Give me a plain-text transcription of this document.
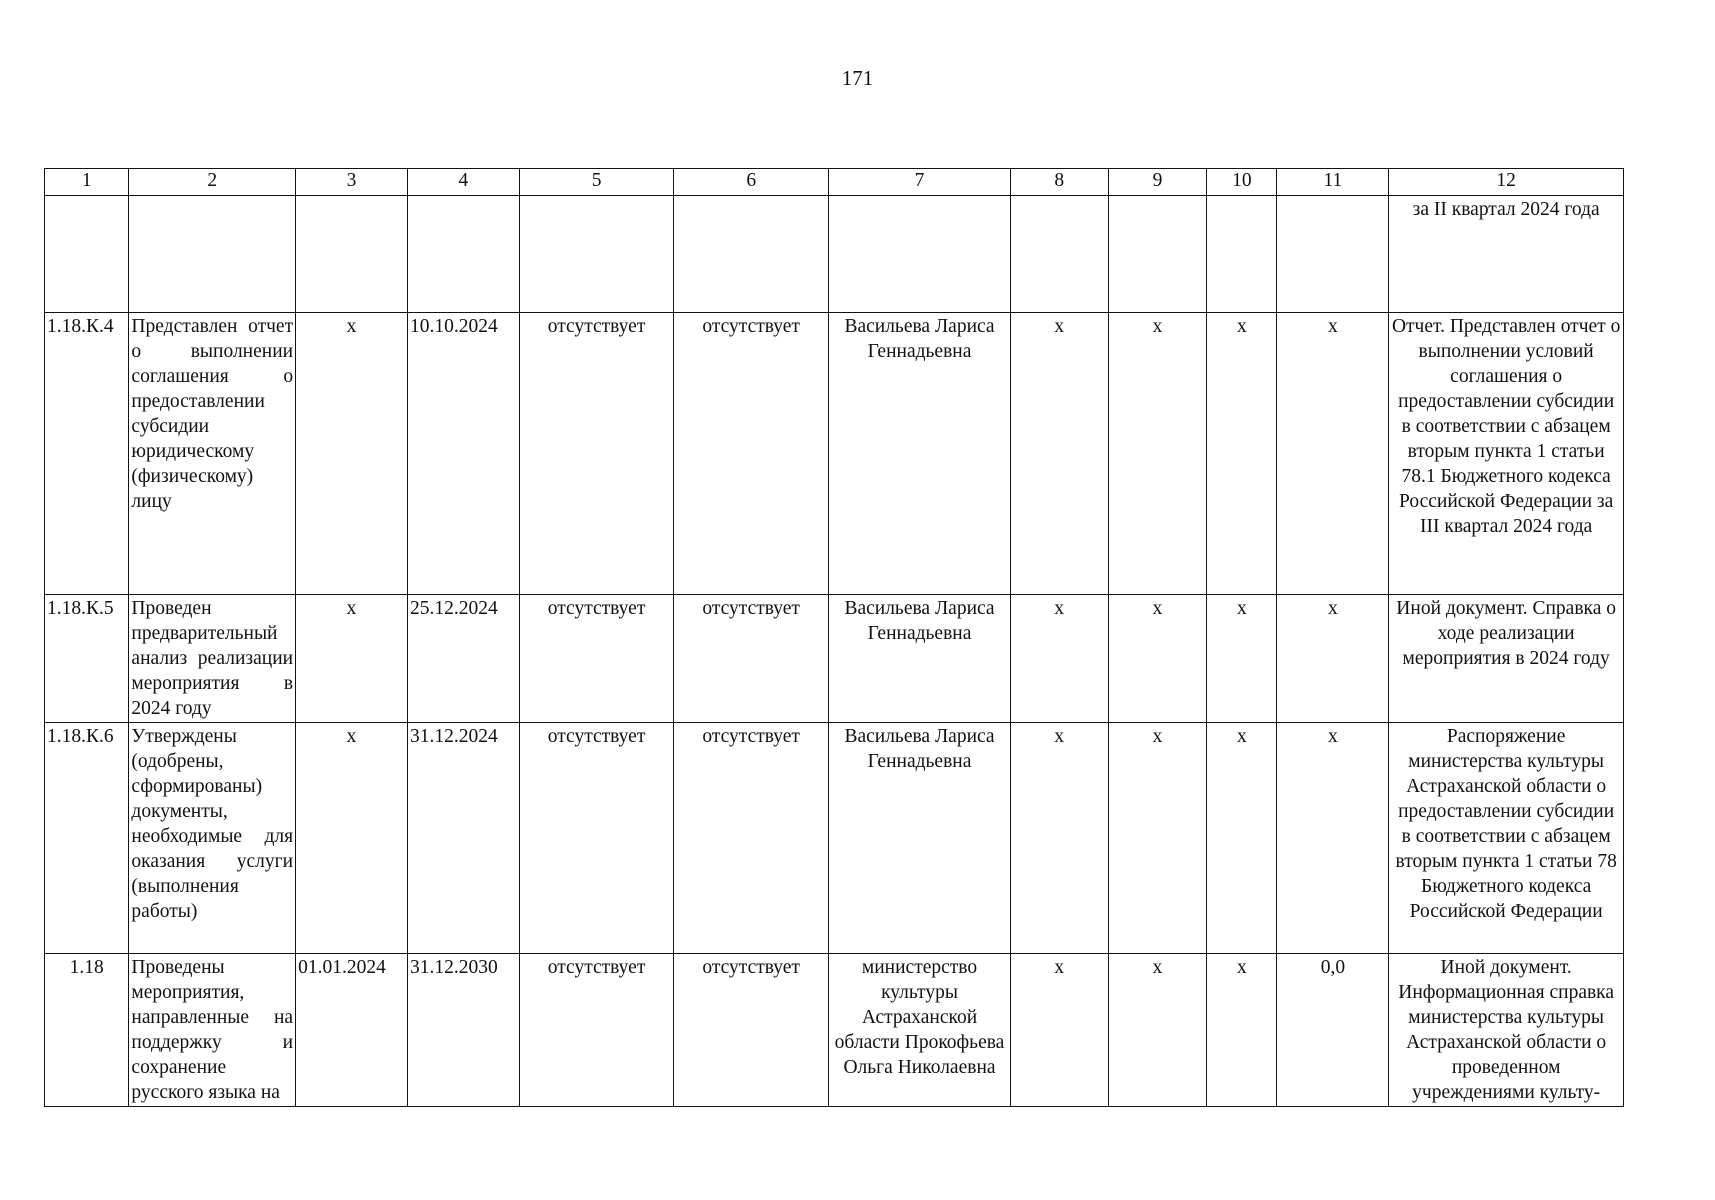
171
1	2	3	4	5	6	7	8	9	10	11	12
											за II квартал 2024 года
1.18.К.4	Представлен отчет о выполнении соглашения о предоставлении субсидии юридическому (физическому) лицу	х	10.10.2024	отсутствует	отсутствует	Васильева Лариса Геннадьевна	х	х	х	х	Отчет. Представлен отчет о выполнении условий соглашения о предоставлении субсидии в соответствии с абзацем вторым пункта 1 статьи 78.1 Бюджетного кодекса Российской Федерации за III квартал 2024 года
1.18.К.5	Проведен предварительный анализ реализации мероприятия в 2024 году	х	25.12.2024	отсутствует	отсутствует	Васильева Лариса Геннадьевна	х	х	х	х	Иной документ. Справка о ходе реализации мероприятия в 2024 году
1.18.К.6	Утверждены (одобрены, сформированы) документы, необходимые для оказания услуги (выполнения работы)	х	31.12.2024	отсутствует	отсутствует	Васильева Лариса Геннадьевна	х	х	х	х	Распоряжение министерства культуры Астраханской области о предоставлении субсидии в соответствии с абзацем вторым пункта 1 статьи 78 Бюджетного кодекса Российской Федерации
1.18	Проведены мероприятия, направленные на поддержку и сохранение русского языка на	01.01.2024	31.12.2030	отсутствует	отсутствует	министерство культуры Астраханской области Прокофьева Ольга Николаевна	х	х	х	0,0	Иной документ. Информационная справка министерства культуры Астраханской области о проведенном учреждениями культу-
